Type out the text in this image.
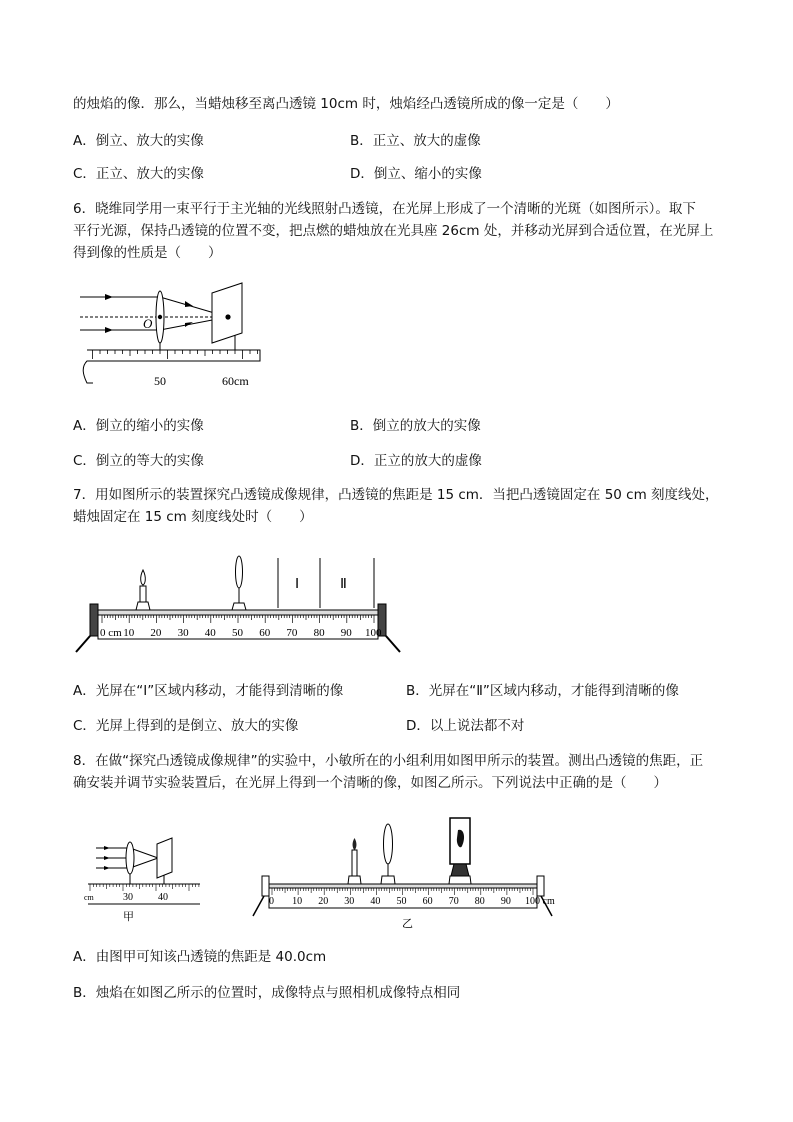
的烛焰的像．那么，当蜡烛移至离凸透镜 10cm 时，烛焰经凸透镜所成的像一定是（　　）
A．倒立、放大的实像	B．正立、放大的虚像
C．正立、放大的实像	D．倒立、缩小的实像
6．晓维同学用一束平行于主光轴的光线照射凸透镜，在光屏上形成了一个清晰的光斑（如图所示）。取下
平行光源，保持凸透镜的位置不变，把点燃的蜡烛放在光具座 26cm 处，并移动光屏到合适位置，在光屏上
得到像的性质是（　　）
O
50	60cm
A．倒立的缩小的实像	B．倒立的放大的实像
C．倒立的等大的实像	D．正立的放大的虚像
7．用如图所示的装置探究凸透镜成像规律，凸透镜的焦距是 15 cm．当把凸透镜固定在 50 cm 刻度线处，
蜡烛固定在 15 cm 刻度线处时（　　）
Ⅰ	Ⅱ
0 cm 10 20 30 40 50 60 70 80 90 100
A．光屏在“Ⅰ”区域内移动，才能得到清晰的像	B．光屏在“Ⅱ”区域内移动，才能得到清晰的像
C．光屏上得到的是倒立、放大的实像	D．以上说法都不对
8．在做“探究凸透镜成像规律”的实验中，小敏所在的小组利用如图甲所示的装置。测出凸透镜的焦距，正
确安装并调节实验装置后，在光屏上得到一个清晰的像，如图乙所示。下列说法中正确的是（　　）
cm	30	40
甲
0 10 20 30 40 50 60 70 80 90 100 cm
乙
A．由图甲可知该凸透镜的焦距是 40.0cm
B．烛焰在如图乙所示的位置时，成像特点与照相机成像特点相同
